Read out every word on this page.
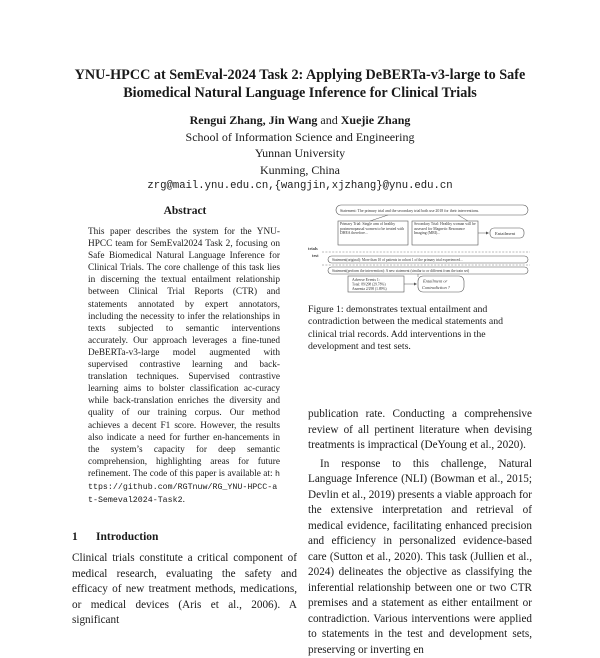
YNU-HPCC at SemEval-2024 Task 2: Applying DeBERTa-v3-large to Safe
Biomedical Natural Language Inference for Clinical Trials
Rengui Zhang, Jin Wang and Xuejie Zhang
School of Information Science and Engineering
Yunnan University
Kunming, China
zrg@mail.ynu.edu.cn,{wangjin,xjzhang}@ynu.edu.cn
Abstract
This paper describes the system for the YNU-HPCC team for SemEval2024 Task 2, focusing on Safe Biomedical Natural Language Inference for Clinical Trials. The core challenge of this task lies in discerning the textual entailment relationship between Clinical Trial Reports (CTR) and statements annotated by expert annotators, including the necessity to infer the relationships in texts subjected to semantic interventions accurately. Our approach leverages a fine-tuned DeBERTa-v3-large model augmented with supervised contrastive learning and back-translation techniques. Supervised contrastive learning aims to bolster classification ac-curacy while back-translation enriches the diversity and quality of our training corpus. Our method achieves a decent F1 score. However, the results also indicate a need for further en-hancements in the system’s capacity for deep semantic comprehension, highlighting areas for future refinement. The code of this paper is available at: https://github.com/RGTnuw/RG_YNU-HPCC-at-Semeval2024-Task2.
1 Introduction
Clinical trials constitute a critical component of medical research, evaluating the safety and efficacy of new treatment methods, medications, or medical devices (Aris et al., 2006). A significant
Statement: The primary trial and the secondary trial both use 2018 for their interventions.
Primary Trial: Single arm of healthy postmenopausal women to be treated with DHEA therefore...
Secondary Trial: Healthy woman will be assessed for Magnetic Resonance Imaging (MRI)...	Entailment
trials
test
Statement(original): More than 10 of patients in cohort 1 of the primary trial experienced...
Statement(perform the intervention): A new statement (similar to or different from the train set)
Adverse Events 1:
Total: 89/298 (29.78%)
Anaemia 2/298 (1.89%)
Entailment or
Contradiction ?
Figure 1: demonstrates textual entailment and contradiction between the medical statements and clinical trial records. Add interventions in the development and test sets.

publication rate. Conducting a comprehensive review of all pertinent literature when devising treatments is impractical (DeYoung et al., 2020).

In response to this challenge, Natural Language Inference (NLI) (Bowman et al., 2015; Devlin et al., 2019) presents a viable approach for the extensive interpretation and retrieval of medical evidence, facilitating enhanced precision and efficiency in personalized evidence-based care (Sutton et al., 2020). This task (Jullien et al., 2024) delineates the objective as classifying the inferential relationship between one or two CTR premises and a statement as either entailment or contradiction. Various interventions were applied to statements in the test and development sets, preserving or inverting en
